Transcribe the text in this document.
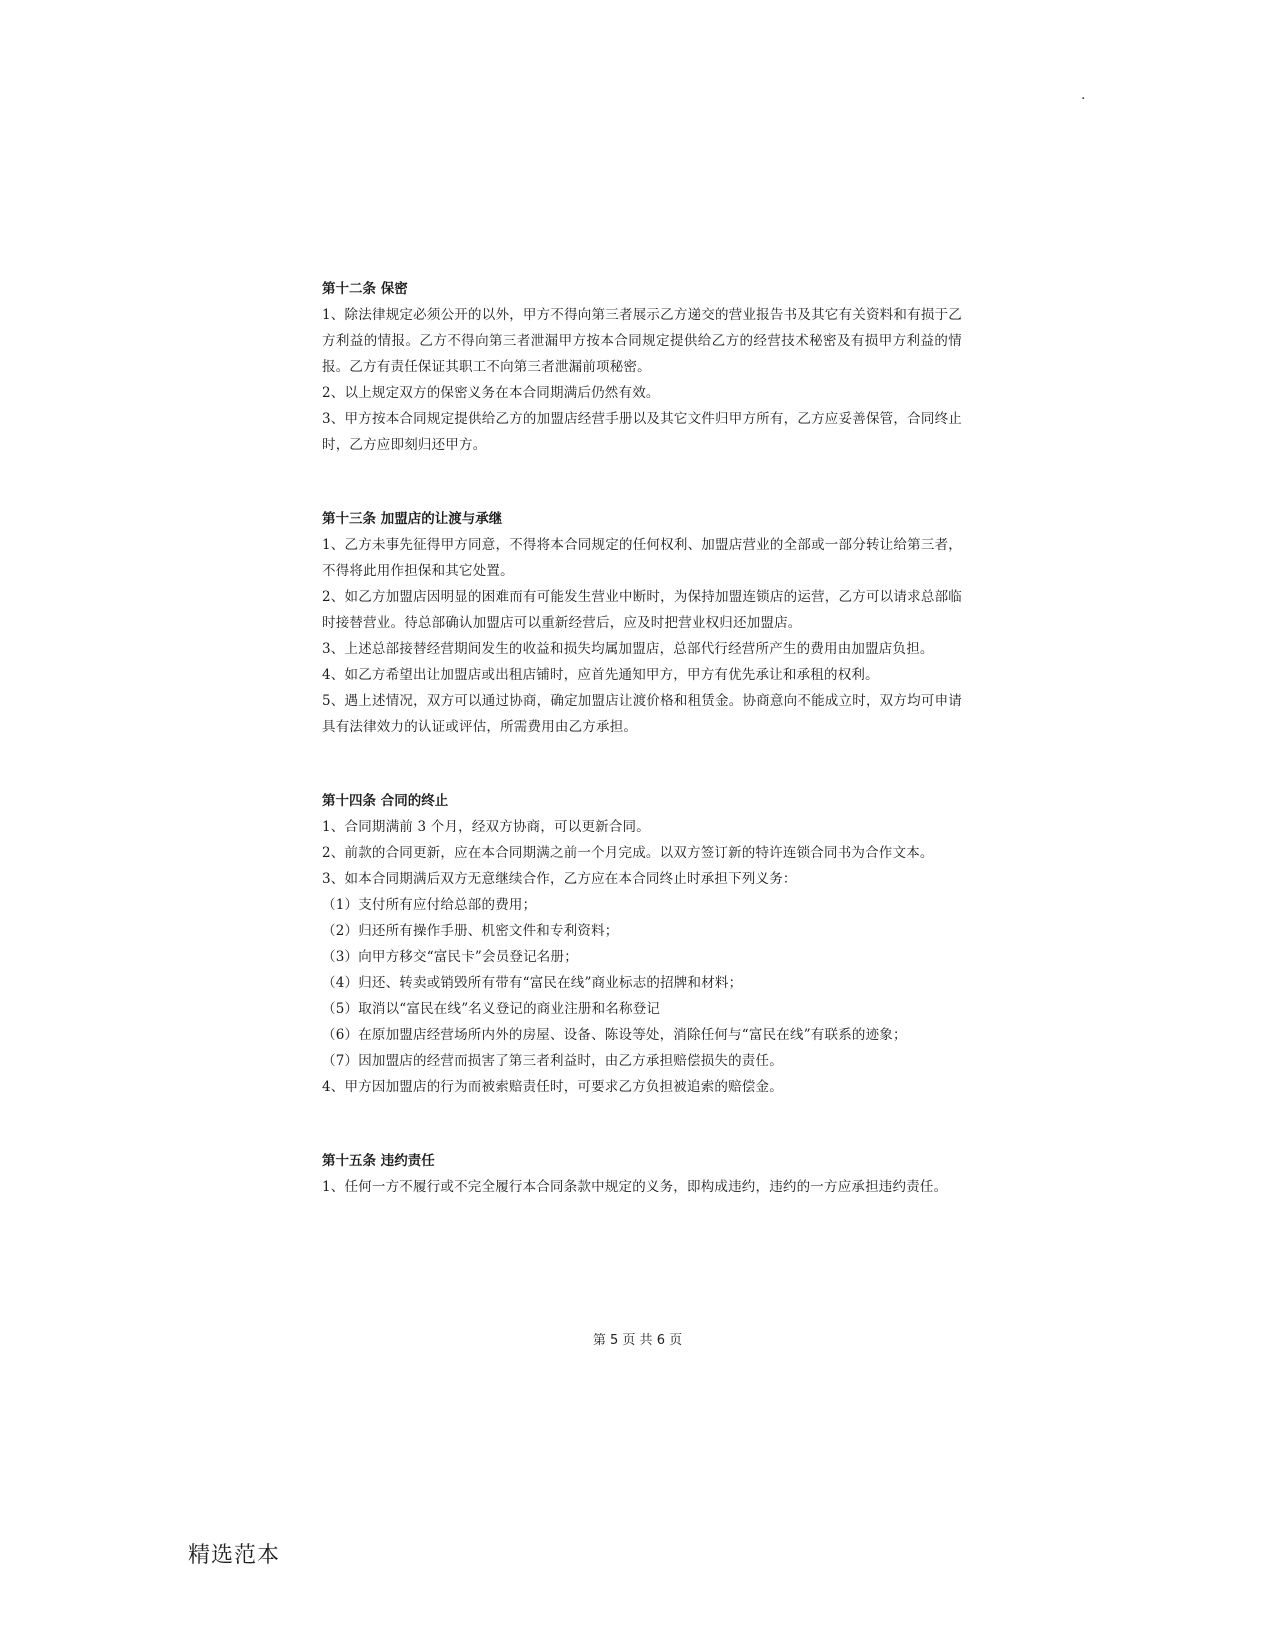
.

第十二条 保密

1、除法律规定必须公开的以外，甲方不得向第三者展示乙方递交的营业报告书及其它有关资料和有损于乙方利益的情报。乙方不得向第三者泄漏甲方按本合同规定提供给乙方的经营技术秘密及有损甲方利益的情报。乙方有责任保证其职工不向第三者泄漏前项秘密。

2、以上规定双方的保密义务在本合同期满后仍然有效。

3、甲方按本合同规定提供给乙方的加盟店经营手册以及其它文件归甲方所有，乙方应妥善保管，合同终止时，乙方应即刻归还甲方。

第十三条 加盟店的让渡与承继

1、乙方未事先征得甲方同意，不得将本合同规定的任何权利、加盟店营业的全部或一部分转让给第三者，不得将此用作担保和其它处置。

2、如乙方加盟店因明显的困难而有可能发生营业中断时，为保持加盟连锁店的运营，乙方可以请求总部临时接替营业。待总部确认加盟店可以重新经营后，应及时把营业权归还加盟店。

3、上述总部接替经营期间发生的收益和损失均属加盟店，总部代行经营所产生的费用由加盟店负担。

4、如乙方希望出让加盟店或出租店铺时，应首先通知甲方，甲方有优先承让和承租的权利。

5、遇上述情况，双方可以通过协商，确定加盟店让渡价格和租赁金。协商意向不能成立时，双方均可申请具有法律效力的认证或评估，所需费用由乙方承担。

第十四条 合同的终止

1、合同期满前 3 个月，经双方协商，可以更新合同。

2、前款的合同更新，应在本合同期满之前一个月完成。以双方签订新的特许连锁合同书为合作文本。

3、如本合同期满后双方无意继续合作，乙方应在本合同终止时承担下列义务：

（1）支付所有应付给总部的费用；

（2）归还所有操作手册、机密文件和专利资料；

（3）向甲方移交“富民卡”会员登记名册；

（4）归还、转卖或销毁所有带有“富民在线”商业标志的招牌和材料；

（5）取消以“富民在线”名义登记的商业注册和名称登记

（6）在原加盟店经营场所内外的房屋、设备、陈设等处，消除任何与“富民在线”有联系的迹象；

（7）因加盟店的经营而损害了第三者利益时，由乙方承担赔偿损失的责任。

4、甲方因加盟店的行为而被索赔责任时，可要求乙方负担被追索的赔偿金。

第十五条 违约责任

1、任何一方不履行或不完全履行本合同条款中规定的义务，即构成违约，违约的一方应承担违约责任。

第 5 页 共 6 页
精选范本
